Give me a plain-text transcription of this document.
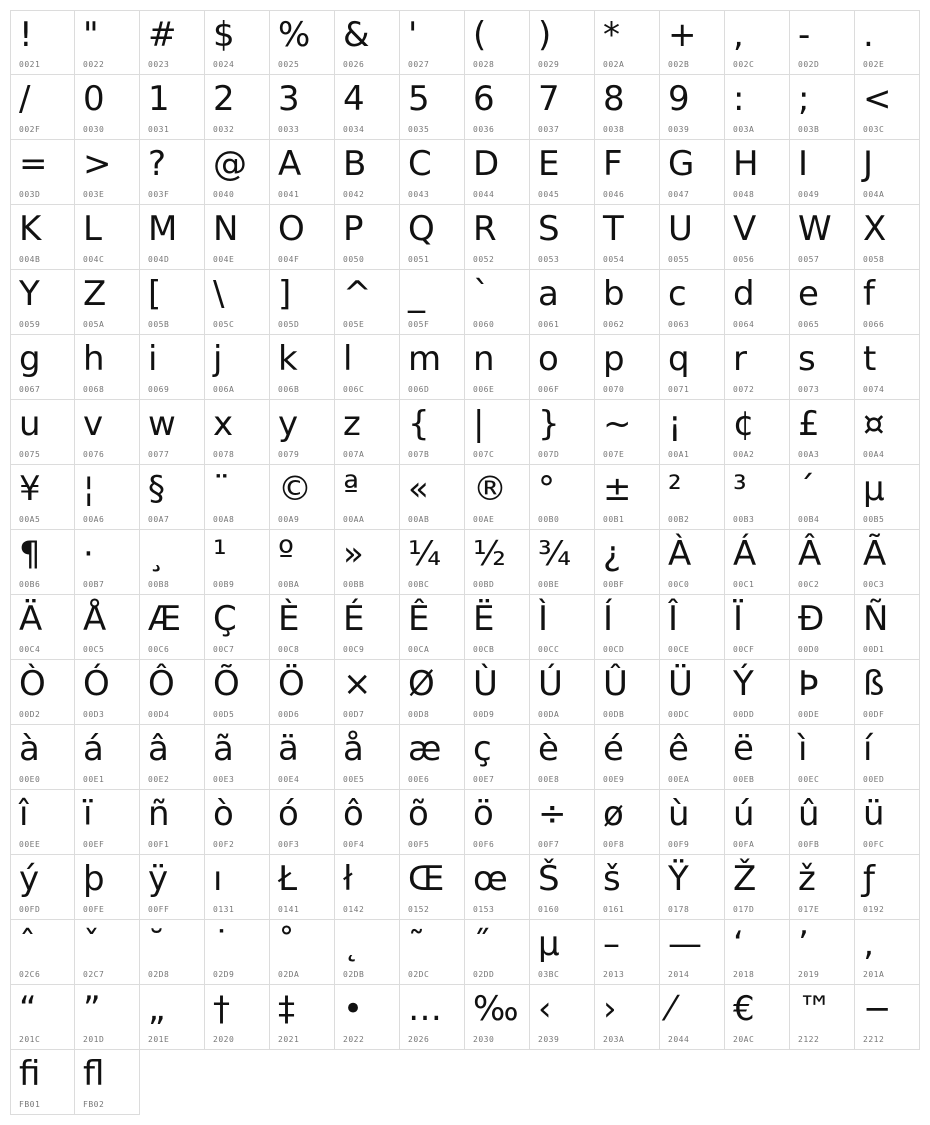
!
0021
"
0022
#
0023
$
0024
%
0025
&
0026
'
0027
(
0028
)
0029
*
002A
+
002B
,
002C
-
002D
.
002E
/
002F
0
0030
1
0031
2
0032
3
0033
4
0034
5
0035
6
0036
7
0037
8
0038
9
0039
:
003A
;
003B
<
003C
=
003D
>
003E
?
003F
@
0040
A
0041
B
0042
C
0043
D
0044
E
0045
F
0046
G
0047
H
0048
I
0049
J
004A
K
004B
L
004C
M
004D
N
004E
O
004F
P
0050
Q
0051
R
0052
S
0053
T
0054
U
0055
V
0056
W
0057
X
0058
Y
0059
Z
005A
[
005B
\
005C
]
005D
^
005E
_
005F
`
0060
a
0061
b
0062
c
0063
d
0064
e
0065
f
0066
g
0067
h
0068
i
0069
j
006A
k
006B
l
006C
m
006D
n
006E
o
006F
p
0070
q
0071
r
0072
s
0073
t
0074
u
0075
v
0076
w
0077
x
0078
y
0079
z
007A
{
007B
|
007C
}
007D
~
007E
¡
00A1
¢
00A2
£
00A3
¤
00A4
¥
00A5
¦
00A6
§
00A7
¨
00A8
©
00A9
ª
00AA
«
00AB
®
00AE
°
00B0
±
00B1
²
00B2
³
00B3
´
00B4
µ
00B5
¶
00B6
·
00B7
¸
00B8
¹
00B9
º
00BA
»
00BB
¼
00BC
½
00BD
¾
00BE
¿
00BF
À
00C0
Á
00C1
Â
00C2
Ã
00C3
Ä
00C4
Å
00C5
Æ
00C6
Ç
00C7
È
00C8
É
00C9
Ê
00CA
Ë
00CB
Ì
00CC
Í
00CD
Î
00CE
Ï
00CF
Ð
00D0
Ñ
00D1
Ò
00D2
Ó
00D3
Ô
00D4
Õ
00D5
Ö
00D6
×
00D7
Ø
00D8
Ù
00D9
Ú
00DA
Û
00DB
Ü
00DC
Ý
00DD
Þ
00DE
ß
00DF
à
00E0
á
00E1
â
00E2
ã
00E3
ä
00E4
å
00E5
æ
00E6
ç
00E7
è
00E8
é
00E9
ê
00EA
ë
00EB
ì
00EC
í
00ED
î
00EE
ï
00EF
ñ
00F1
ò
00F2
ó
00F3
ô
00F4
õ
00F5
ö
00F6
÷
00F7
ø
00F8
ù
00F9
ú
00FA
û
00FB
ü
00FC
ý
00FD
þ
00FE
ÿ
00FF
ı
0131
Ł
0141
ł
0142
Œ
0152
œ
0153
Š
0160
š
0161
Ÿ
0178
Ž
017D
ž
017E
ƒ
0192
ˆ
02C6
ˇ
02C7
˘
02D8
˙
02D9
˚
02DA
˛
02DB
˜
02DC
˝
02DD
μ
03BC
–
2013
—
2014
‘
2018
’
2019
‚
201A
“
201C
”
201D
„
201E
†
2020
‡
2021
•
2022
…
2026
‰
2030
‹
2039
›
203A
⁄
2044
€
20AC
™
2122
−
2212
ﬁ
FB01
ﬂ
FB02
